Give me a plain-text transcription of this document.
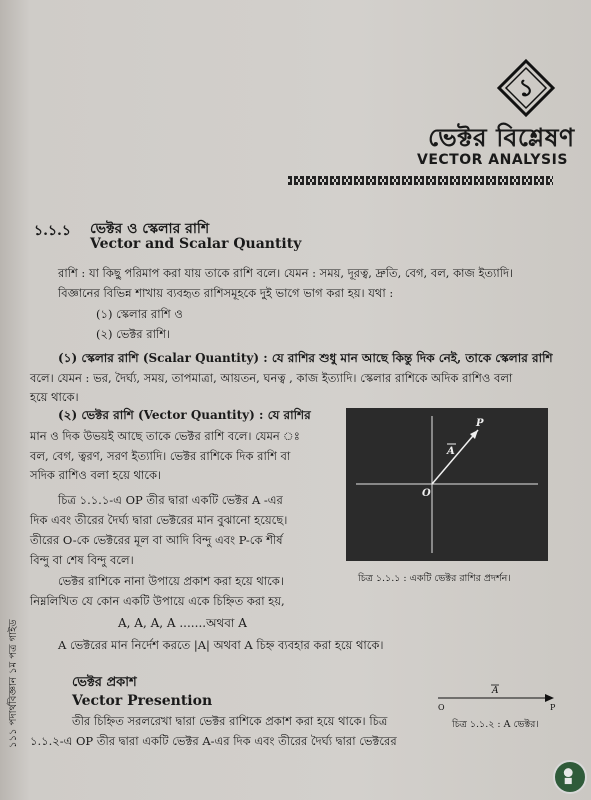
১
ভেক্টর বিশ্লেষণ
VECTOR ANALYSIS
১.১.১ ভেক্টর ও স্কেলার রাশি
Vector and Scalar Quantity
রাশি : যা কিছু পরিমাপ করা যায় তাকে রাশি বলে। যেমন : সময়, দূরত্ব, দ্রুতি, বেগ, বল, কাজ ইত্যাদি।
বিজ্ঞানের বিভিন্ন শাখায় ব্যবহৃত রাশিসমূহকে দুই ভাগে ভাগ করা হয়। যথা :
(১) স্কেলার রাশি ও
(২) ভেক্টর রাশি।
(১) স্কেলার রাশি (Scalar Quantity) : যে রাশির শুধু মান আছে কিন্তু দিক নেই, তাকে স্কেলার রাশি
বলে। যেমন : ভর, দৈর্ঘ্য, সময়, তাপমাত্রা, আয়তন, ঘনত্ব , কাজ ইত্যাদি। স্কেলার রাশিকে অদিক রাশিও বলা
হয়ে থাকে।
(২) ভেক্টর রাশি (Vector Quantity) : যে রাশির
মান ও দিক উভয়ই আছে তাকে ভেক্টর রাশি বলে। যেমন ঃ
বল, বেগ, ত্বরণ, সরণ ইত্যাদি। ভেক্টর রাশিকে দিক রাশি বা
সদিক রাশিও বলা হয়ে থাকে।
চিত্র ১.১.১-এ OP তীর দ্বারা একটি ভেক্টর A -এর
দিক এবং তীরের দৈর্ঘ্য দ্বারা ভেক্টরের মান বুঝানো হয়েছে।
তীরের O-কে ভেক্টরের মূল বা আদি বিন্দু এবং P-কে শীর্ষ
বিন্দু বা শেষ বিন্দু বলে।
ভেক্টর রাশিকে নানা উপায়ে প্রকাশ করা হয়ে থাকে।
নিম্নলিখিত যে কোন একটি উপায়ে একে চিহ্নিত করা হয়,
A, A, A, A .......অথবা A
A ভেক্টরের মান নির্দেশ করতে |A| অথবা A চিহ্ন ব্যবহার করা হয়ে থাকে।
P
O
A
চিত্র ১.১.১ : একটি ভেক্টর রাশির প্রদর্শন।
ভেক্টর প্রকাশ
Vector Presention
তীর চিহ্নিত সরলরেখা দ্বারা ভেক্টর রাশিকে প্রকাশ করা হয়ে থাকে। চিত্র
১.১.২-এ OP তীর দ্বারা একটি ভেক্টর A-এর দিক এবং তীরের দৈর্ঘ্য দ্বারা ভেক্টরের
A
O	P
চিত্র ১.১.২ : A ভেক্টর।
১১১ পদার্থবিজ্ঞান ১ম পত্র গাইড
